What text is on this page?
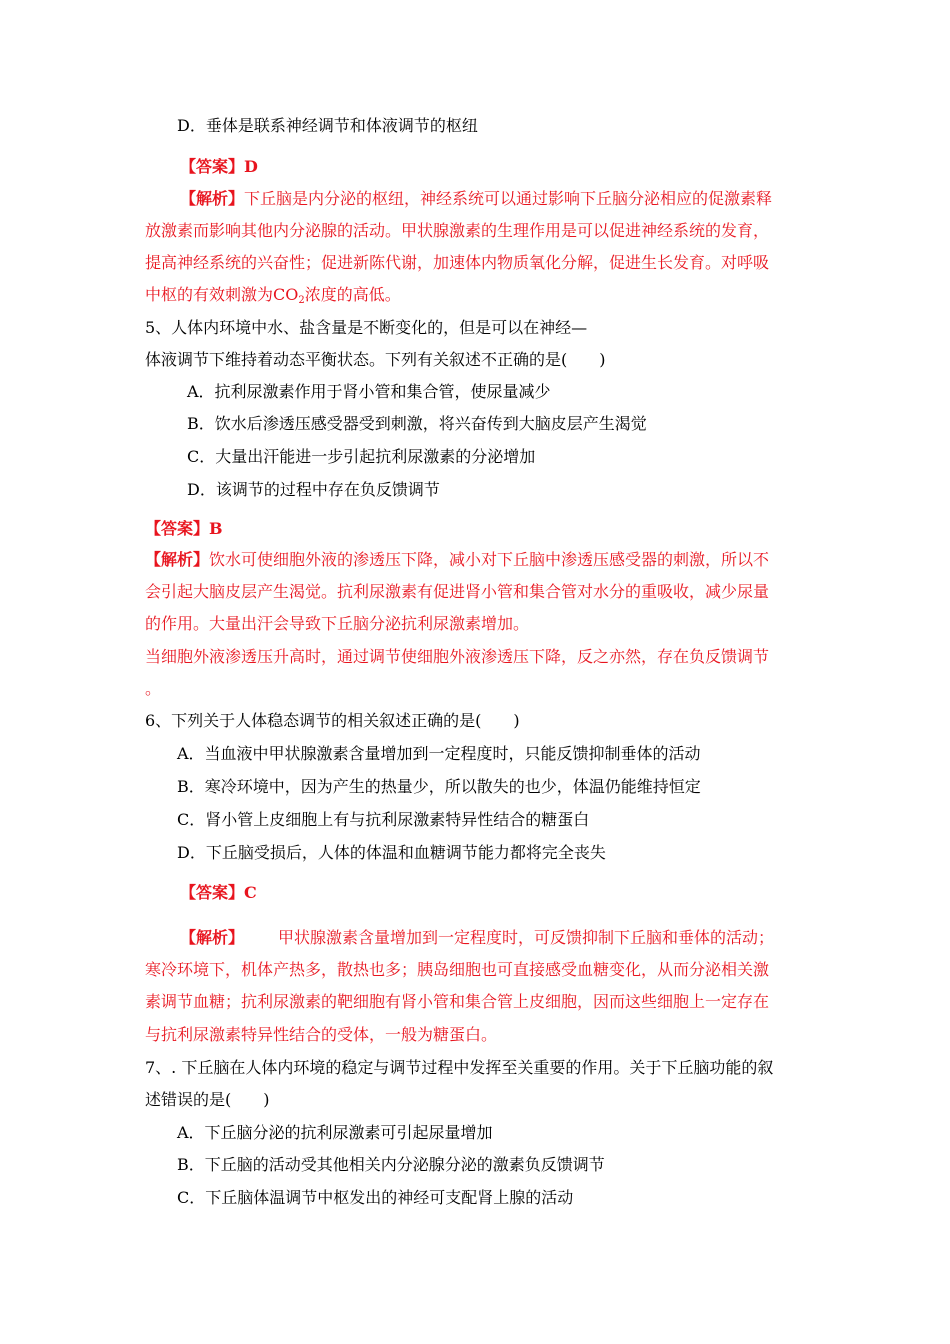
D．垂体是联系神经调节和体液调节的枢纽
【答案】D
【解析】下丘脑是内分泌的枢纽，神经系统可以通过影响下丘脑分泌相应的促激素释
放激素而影响其他内分泌腺的活动。甲状腺激素的生理作用是可以促进神经系统的发育，
提高神经系统的兴奋性；促进新陈代谢，加速体内物质氧化分解，促进生长发育。对呼吸
中枢的有效刺激为$CO_2$浓度的高低。
5、人体内环境中水、盐含量是不断变化的，但是可以在神经—
体液调节下维持着动态平衡状态。下列有关叙述不正确的是(　　)
A．抗利尿激素作用于肾小管和集合管，使尿量减少
B．饮水后渗透压感受器受到刺激，将兴奋传到大脑皮层产生渴觉
C．大量出汗能进一步引起抗利尿激素的分泌增加
D．该调节的过程中存在负反馈调节
【答案】B
【解析】饮水可使细胞外液的渗透压下降，减小对下丘脑中渗透压感受器的刺激，所以不
会引起大脑皮层产生渴觉。抗利尿激素有促进肾小管和集合管对水分的重吸收，减少尿量
的作用。大量出汗会导致下丘脑分泌抗利尿激素增加。
当细胞外液渗透压升高时，通过调节使细胞外液渗透压下降，反之亦然，存在负反馈调节
。
6、下列关于人体稳态调节的相关叙述正确的是(　　)
A．当血液中甲状腺激素含量增加到一定程度时，只能反馈抑制垂体的活动
B．寒冷环境中，因为产生的热量少，所以散失的也少，体温仍能维持恒定
C．肾小管上皮细胞上有与抗利尿激素特异性结合的糖蛋白
D．下丘脑受损后，人体的体温和血糖调节能力都将完全丧失
【答案】C
【解析】 甲状腺激素含量增加到一定程度时，可反馈抑制下丘脑和垂体的活动；
寒冷环境下，机体产热多，散热也多；胰岛细胞也可直接感受血糖变化，从而分泌相关激
素调节血糖；抗利尿激素的靶细胞有肾小管和集合管上皮细胞，因而这些细胞上一定存在
与抗利尿激素特异性结合的受体，一般为糖蛋白。
7、. 下丘脑在人体内环境的稳定与调节过程中发挥至关重要的作用。关于下丘脑功能的叙
述错误的是(　　)
A．下丘脑分泌的抗利尿激素可引起尿量增加
B．下丘脑的活动受其他相关内分泌腺分泌的激素负反馈调节
C．下丘脑体温调节中枢发出的神经可支配肾上腺的活动
